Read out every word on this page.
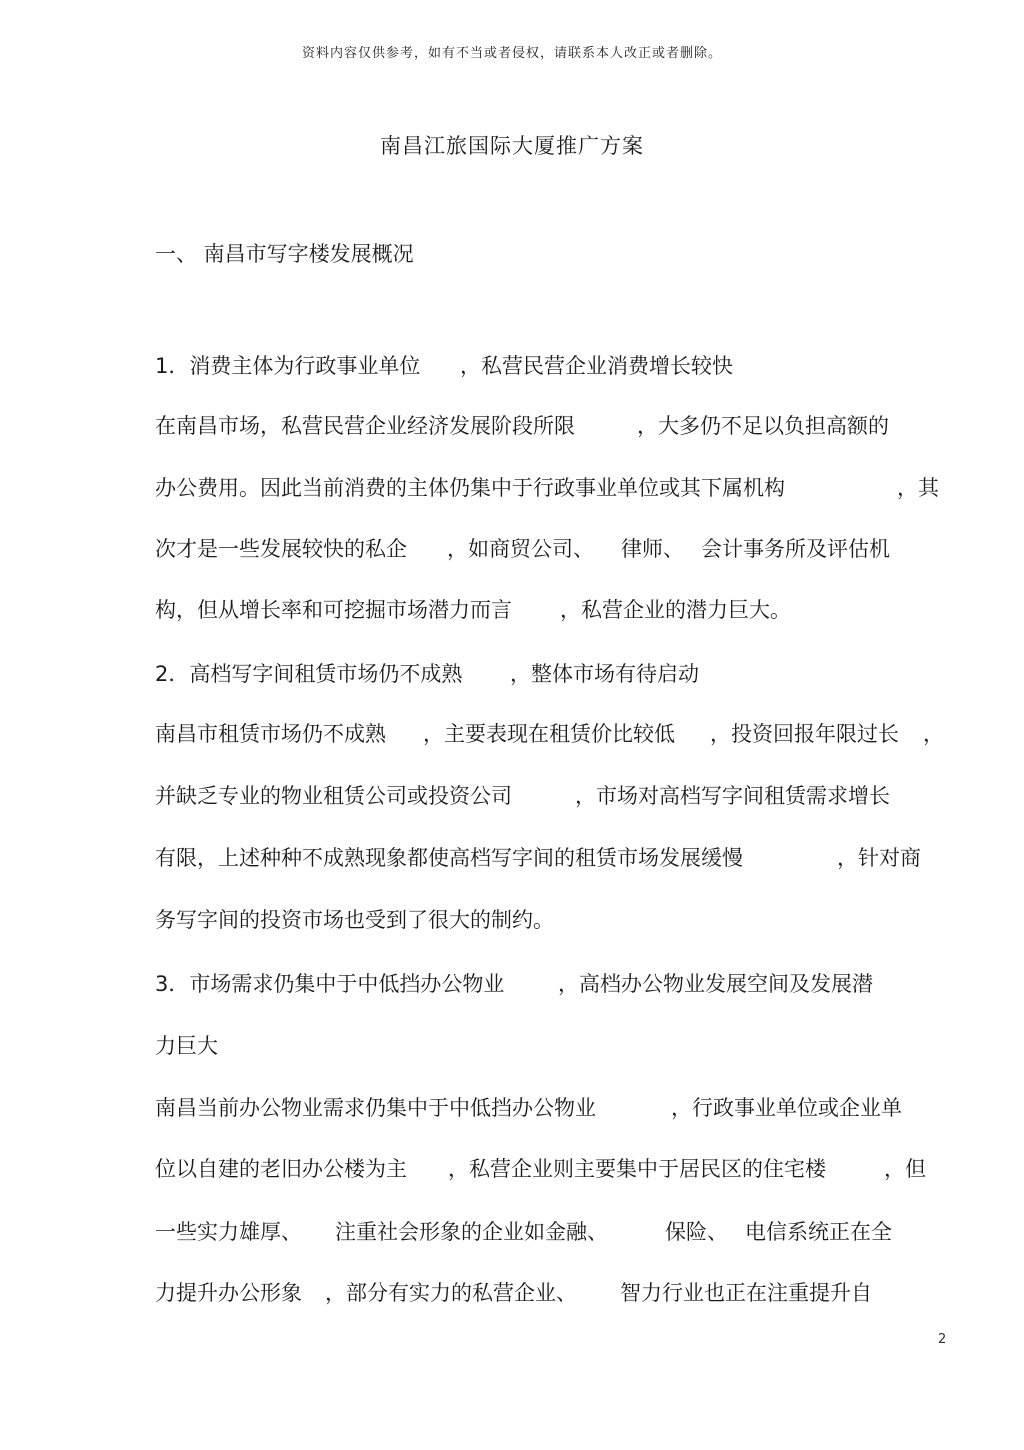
资料内容仅供参考，如有不当或者侵权，请联系本人改正或者删除。
南昌江旅国际大厦推广方案
一、 南昌市写字楼发展概况
1．消费主体为行政事业单位 ，私营民营企业消费增长较快
在南昌市场，私营民营企业经济发展阶段所限	，大多仍不足以负担高额的
办公费用。因此当前消费的主体仍集中于行政事业单位或其下属机构	，其
次才是一些发展较快的私企 ，如商贸公司、 律师、 会计事务所及评估机
构，但从增长率和可挖掘市场潜力而言 ，私营企业的潜力巨大。
2．高档写字间租赁市场仍不成熟 ，整体市场有待启动
南昌市租赁市场仍不成熟 ，主要表现在租赁价比较低 ，投资回报年限过长 ，
并缺乏专业的物业租赁公司或投资公司	，市场对高档写字间租赁需求增长
有限，上述种种不成熟现象都使高档写字间的租赁市场发展缓慢	，针对商
务写字间的投资市场也受到了很大的制约。
3．市场需求仍集中于中低挡办公物业	，高档办公物业发展空间及发展潜
力巨大
南昌当前办公物业需求仍集中于中低挡办公物业	，行政事业单位或企业单
位以自建的老旧办公楼为主 ，私营企业则主要集中于居民区的住宅楼	，但
一些实力雄厚、 注重社会形象的企业如金融、	保险、 电信系统正在全
力提升办公形象 ，部分有实力的私营企业、 智力行业也正在注重提升自
2
